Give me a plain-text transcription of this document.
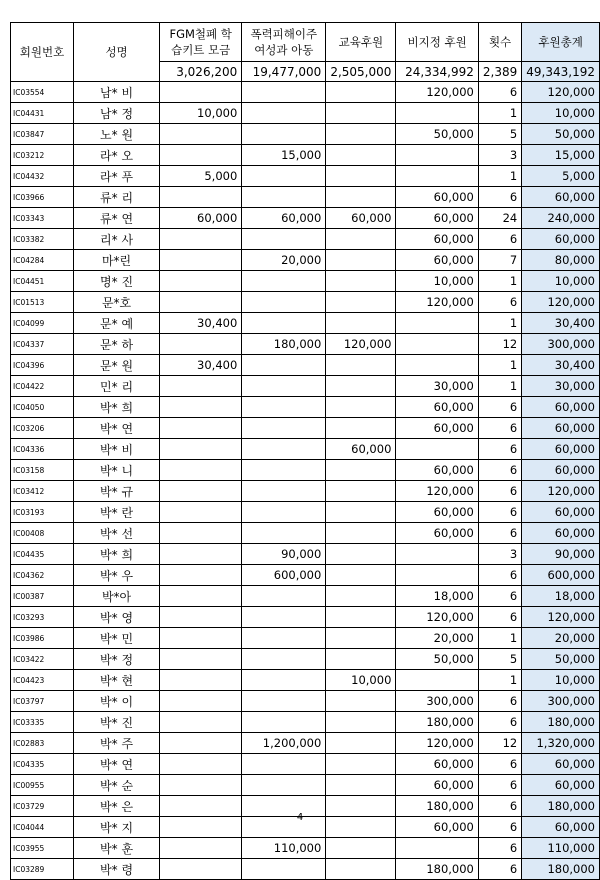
회원번호	성명	FGM철폐 학습키트 모금	폭력피해이주 여성과 아동	교육후원	비지정 후원	횟수	후원총계
		3,026,200	19,477,000	2,505,000	24,334,992	2,389	49,343,192
IC03554	남* 비				120,000	6	120,000
IC04431	남* 정	10,000				1	10,000
IC03847	노* 원				50,000	5	50,000
IC03212	라* 오		15,000			3	15,000
IC04432	라* 푸	5,000				1	5,000
IC03966	류* 리				60,000	6	60,000
IC03343	류* 연	60,000	60,000	60,000	60,000	24	240,000
IC03382	리* 사				60,000	6	60,000
IC04284	마*린		20,000		60,000	7	80,000
IC04451	명* 진				10,000	1	10,000
IC01513	문*호				120,000	6	120,000
IC04099	문* 예	30,400				1	30,400
IC04337	문* 하		180,000	120,000		12	300,000
IC04396	문* 원	30,400				1	30,400
IC04422	민* 리				30,000	1	30,000
IC04050	박* 희				60,000	6	60,000
IC03206	박* 연				60,000	6	60,000
IC04336	박* 비			60,000		6	60,000
IC03158	박* 니				60,000	6	60,000
IC03412	박* 규				120,000	6	120,000
IC03193	박* 란				60,000	6	60,000
IC00408	박* 선				60,000	6	60,000
IC04435	박* 희		90,000			3	90,000
IC04362	박* 우		600,000			6	600,000
IC00387	박*아				18,000	6	18,000
IC03293	박* 영				120,000	6	120,000
IC03986	박* 민				20,000	1	20,000
IC03422	박* 정				50,000	5	50,000
IC04423	박* 현			10,000		1	10,000
IC03797	박* 이				300,000	6	300,000
IC03335	박* 진				180,000	6	180,000
IC02883	박* 주		1,200,000		120,000	12	1,320,000
IC04335	박* 연				60,000	6	60,000
IC00955	박* 순				60,000	6	60,000
IC03729	박* 은				180,000	6	180,000
IC04044	박* 지				60,000	6	60,000
IC03955	박* 훈		110,000			6	110,000
IC03289	박* 령				180,000	6	180,000
4
